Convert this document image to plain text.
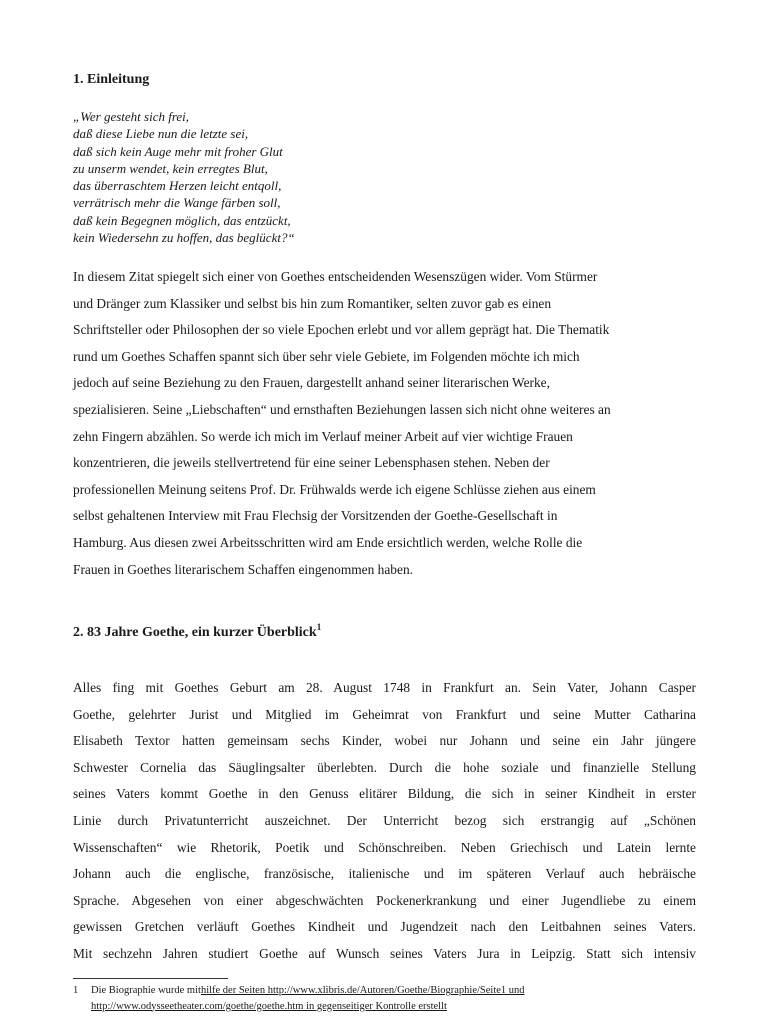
1. Einleitung
„Wer gesteht sich frei,
daß diese Liebe nun die letzte sei,
daß sich kein Auge mehr mit froher Glut
zu unserm wendet, kein erregtes Blut,
das überraschtem Herzen leicht entqoll,
verrätrisch mehr die Wange färben soll,
daß kein Begegnen möglich, das entzückt,
kein Wiedersehn zu hoffen, das beglückt?“
In diesem Zitat spiegelt sich einer von Goethes entscheidenden Wesenszügen wider. Vom Stürmer
und Dränger zum Klassiker und selbst bis hin zum Romantiker, selten zuvor gab es einen
Schriftsteller oder Philosophen der so viele Epochen erlebt und vor allem geprägt hat. Die Thematik
rund um Goethes Schaffen spannt sich über sehr viele Gebiete, im Folgenden möchte ich mich
jedoch auf seine Beziehung zu den Frauen, dargestellt anhand seiner literarischen Werke,
spezialisieren. Seine „Liebschaften“ und ernsthaften Beziehungen lassen sich nicht ohne weiteres an
zehn Fingern abzählen. So werde ich mich im Verlauf meiner Arbeit auf vier wichtige Frauen
konzentrieren, die jeweils stellvertretend für eine seiner Lebensphasen stehen. Neben der
professionellen Meinung seitens Prof. Dr. Frühwalds werde ich eigene Schlüsse ziehen aus einem
selbst gehaltenen Interview mit Frau Flechsig der Vorsitzenden der Goethe-Gesellschaft in
Hamburg. Aus diesen zwei Arbeitsschritten wird am Ende ersichtlich werden, welche Rolle die
Frauen in Goethes literarischem Schaffen eingenommen haben.
2. 83 Jahre Goethe, ein kurzer Überblick$^1$
Alles fing mit Goethes Geburt am 28. August 1748 in Frankfurt an. Sein Vater, Johann Casper
Goethe, gelehrter Jurist und Mitglied im Geheimrat von Frankfurt und seine Mutter Catharina
Elisabeth Textor hatten gemeinsam sechs Kinder, wobei nur Johann und seine ein Jahr jüngere
Schwester Cornelia das Säuglingsalter überlebten. Durch die hohe soziale und finanzielle Stellung
seines Vaters kommt Goethe in den Genuss elitärer Bildung, die sich in seiner Kindheit in erster
Linie durch Privatunterricht auszeichnet. Der Unterricht bezog sich erstrangig auf „Schönen
Wissenschaften“ wie Rhetorik, Poetik und Schönschreiben. Neben Griechisch und Latein lernte
Johann auch die englische, französische, italienische und im späteren Verlauf auch hebräische
Sprache. Abgesehen von einer abgeschwächten Pockenerkrankung und einer Jugendliebe zu einem
gewissen Gretchen verläuft Goethes Kindheit und Jugendzeit nach den Leitbahnen seines Vaters.
Mit sechzehn Jahren studiert Goethe auf Wunsch seines Vaters Jura in Leipzig. Statt sich intensiv
1 Die Biographie wurde mithilfe der Seiten http://www.xlibris.de/Autoren/Goethe/Biographie/Seite1 und
http://www.odysseetheater.com/goethe/goethe.htm in gegenseitiger Kontrolle erstellt
